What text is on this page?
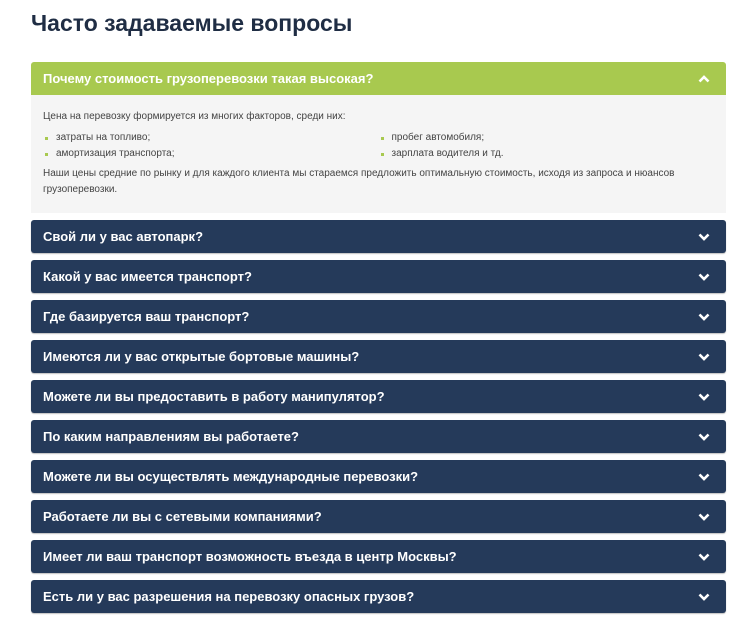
Часто задаваемые вопросы
Почему стоимость грузоперевозки такая высокая?

Цена на перевозку формируется из многих факторов, среди них:

затраты на топливо;	пробег автомобиля;
амортизация транспорта;	зарплата водителя и тд.

Наши цены средние по рынку и для каждого клиента мы стараемся предложить оптимальную стоимость, исходя из запроса и нюансов грузоперевозки.

Свой ли у вас автопарк?
Какой у вас имеется транспорт?
Где базируется ваш транспорт?
Имеются ли у вас открытые бортовые машины?
Можете ли вы предоставить в работу манипулятор?
По каким направлениям вы работаете?
Можете ли вы осуществлять международные перевозки?
Работаете ли вы с сетевыми компаниями?
Имеет ли ваш транспорт возможность въезда в центр Москвы?
Есть ли у вас разрешения на перевозку опасных грузов?
